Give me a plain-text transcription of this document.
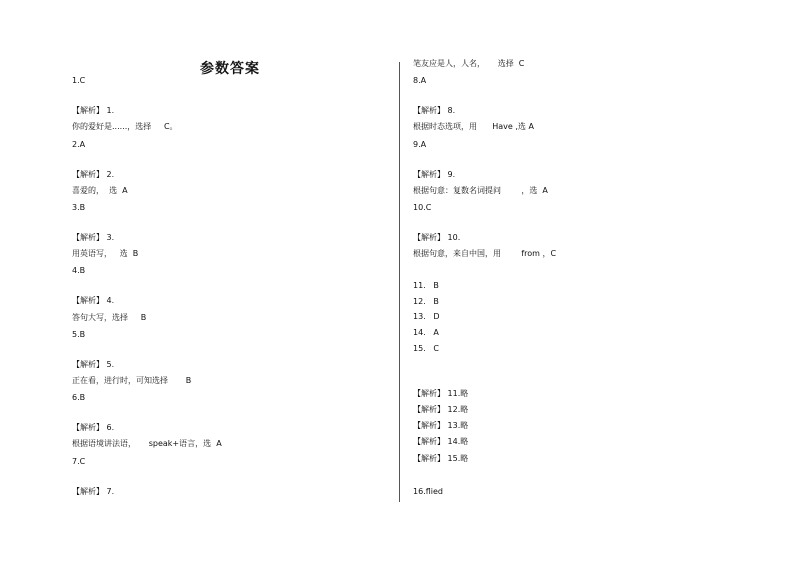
参数答案
1.C
【解析】 1.
你的爱好是......，选择     C。
2.A
【解析】 2.
喜爱的，  选  A
3.B
【解析】 3.
用英语写，   选  B
4.B
【解析】 4.
答句大写，选择     B
5.B
【解析】 5.
正在看，进行时，可知选择       B
6.B
【解析】 6.
根据语境讲法语，     speak+语言，选  A
7.C
【解析】 7.
笔友应是人，人名，     选择  C
8.A
【解析】 8.
根据时态选项，用      Have ,选 A
9.A
【解析】 9.
根据句意：复数名词提问        ，选  A
10.C
【解析】 10.
根据句意，来自中国，用        from ，C
11.   B
12.   B
13.   D
14.   A
15.   C
【解析】 11.略
【解析】 12.略
【解析】 13.略
【解析】 14.略
【解析】 15.略
16.flied
